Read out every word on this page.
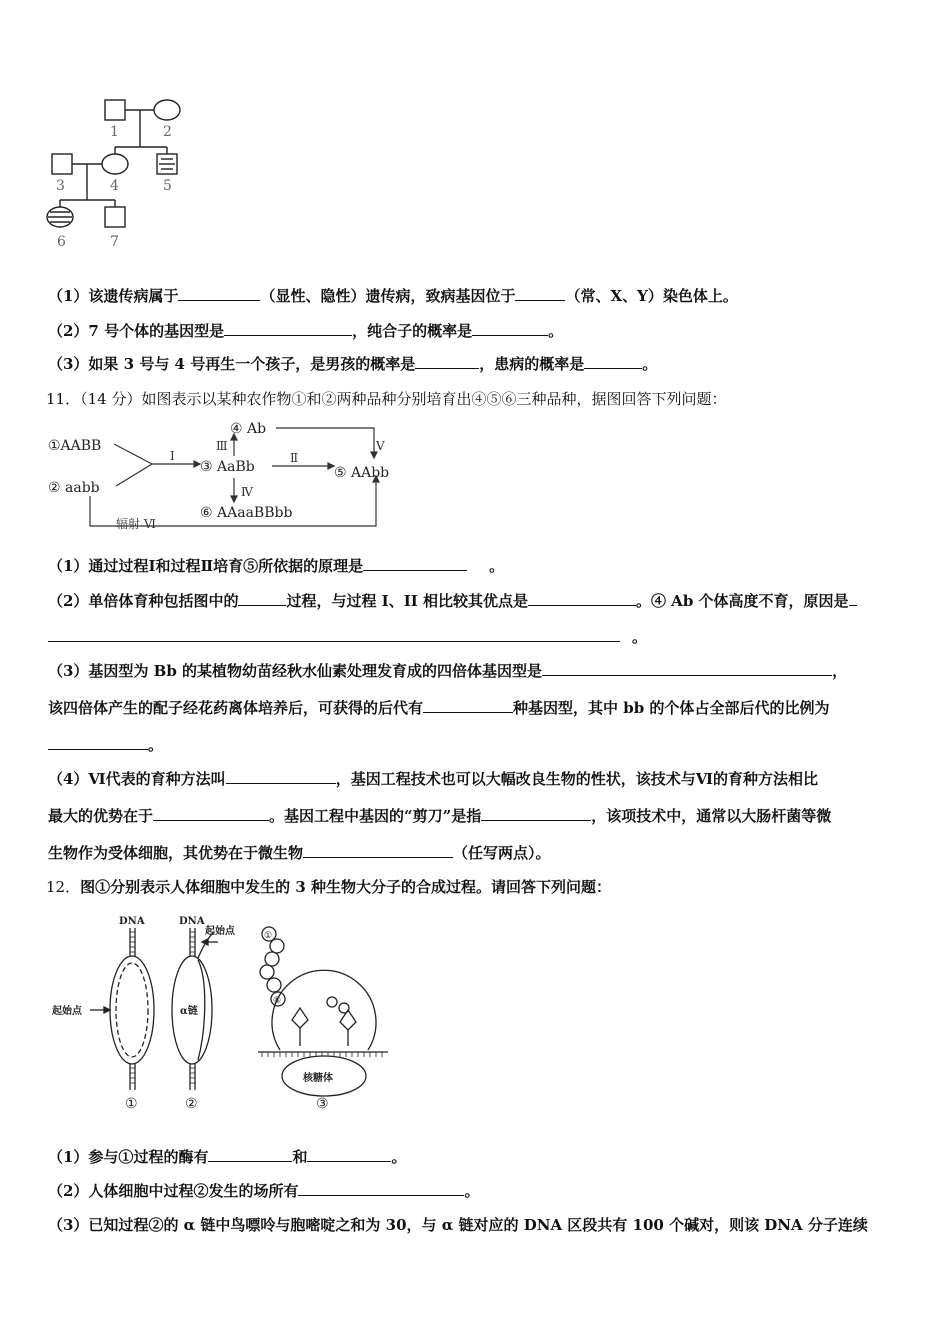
1	2
3	4	5
6	7
（1）该遗传病属于	（显性、隐性）遗传病，致病基因位于	（常、X、Y）染色体上。
（2）7 号个体的基因型是	，纯合子的概率是	。
（3）如果 3 号与 4 号再生一个孩子，是男孩的概率是	，患病的概率是	。
11．（14 分）如图表示以某种农作物①和②两种品种分别培育出④⑤⑥三种品种，据图回答下列问题：
①AABB
② aabb
③ AaBb
④ Ab
⑤ AAbb
⑥ AAaaBBbb
Ⅰ	Ⅱ
Ⅲ
Ⅳ
Ⅴ
辐射 Ⅵ
（1）通过过程Ⅰ和过程Ⅱ培育⑤所依据的原理是	。
（2）单倍体育种包括图中的	过程，与过程 I、II 相比较其优点是	。④ Ab 个体高度不育，原因是
。
（3）基因型为 Bb 的某植物幼苗经秋水仙素处理发育成的四倍体基因型是	，
该四倍体产生的配子经花药离体培养后，可获得的后代有	种基因型，其中 bb 的个体占全部后代的比例为
。
（4）Ⅵ代表的育种方法叫	，基因工程技术也可以大幅改良生物的性状，该技术与Ⅵ的育种方法相比
最大的优势在于	。基因工程中基因的“剪刀”是指	，该项技术中，通常以大肠杆菌等微
生物作为受体细胞，其优势在于微生物	（任写两点）。
12．图①分别表示人体细胞中发生的 3 种生物大分子的合成过程。请回答下列问题：
DNA	DNA
起始点
起始点
α链
核糖体
①
⑧
①	②	③
（1）参与①过程的酶有	和	。
（2）人体细胞中过程②发生的场所有	。
（3）已知过程②的 α 链中鸟嘌呤与胞嘧啶之和为 30，与 α 链对应的 DNA 区段共有 100 个碱对，则该 DNA 分子连续
